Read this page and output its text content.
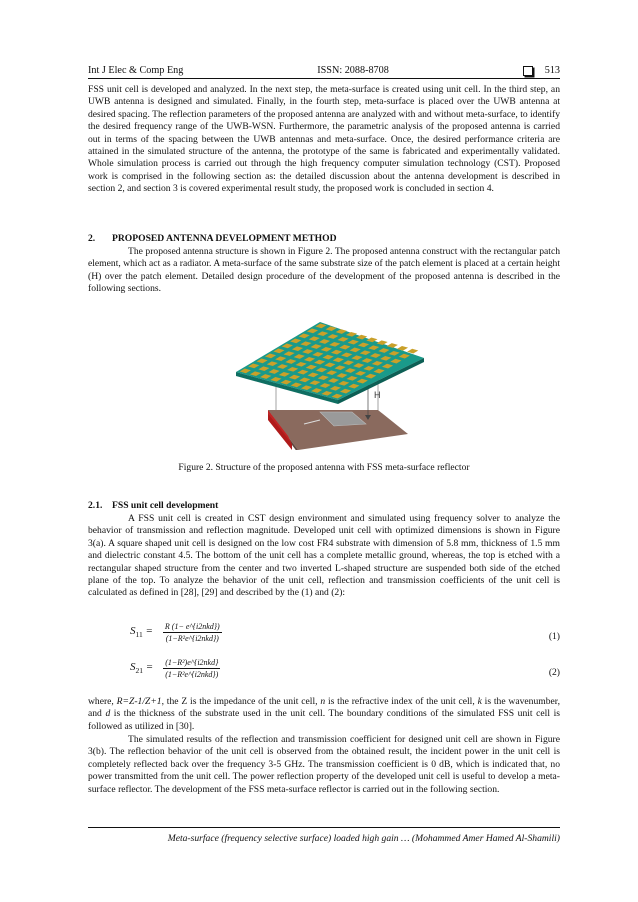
Int J Elec & Comp Eng	ISSN: 2088-8708	513
FSS unit cell is developed and analyzed. In the next step, the meta-surface is created using unit cell. In the third step, an UWB antenna is designed and simulated. Finally, in the fourth step, meta-surface is placed over the UWB antenna at desired spacing. The reflection parameters of the proposed antenna are analyzed with and without meta-surface, to identify the desired frequency range of the UWB-WSN. Furthermore, the parametric analysis of the proposed antenna is carried out in terms of the spacing between the UWB antennas and meta-surface. Once, the desired performance criteria are attained in the simulated structure of the antenna, the prototype of the same is fabricated and experimentally validated. Whole simulation process is carried out through the high frequency computer simulation technology (CST). Proposed work is comprised in the following section as: the detailed discussion about the antenna development is described in section 2, and section 3 is covered experimental result study, the proposed work is concluded in section 4.
2. PROPOSED ANTENNA DEVELOPMENT METHOD
The proposed antenna structure is shown in Figure 2. The proposed antenna construct with the rectangular patch element, which act as a radiator. A meta-surface of the same substrate size of the patch element is placed at a certain height (H) over the patch element. Detailed design procedure of the development of the proposed antenna is described in the following sections.
H
Figure 2. Structure of the proposed antenna with FSS meta-surface reflector
2.1. FSS unit cell development
A FSS unit cell is created in CST design environment and simulated using frequency solver to analyze the behavior of transmission and reflection magnitude. Developed unit cell with optimized dimensions is shown in Figure 3(a). A square shaped unit cell is designed on the low cost FR4 substrate with dimension of 5.8 mm, thickness of 1.5 mm and dielectric constant 4.5. The bottom of the unit cell has a complete metallic ground, whereas, the top is etched with a rectangular shaped structure from the center and two inverted L-shaped structure are suspended both side of the etched plane of the top. To analyze the behavior of the unit cell, reflection and transmission coefficients of the unit cell is calculated as defined in [28], [29] and described by the (1) and (2):
$S_{11} = \frac{\text{R (1− e\textasciicircum{}\{i2nkd\})}}{\text{(1−R²e\textasciicircum{}\{i2nkd\})}}$	(1)
$S_{21} = \frac{\text{(1−R²)e\textasciicircum{}\{i2nkd\}}}{\text{(1−R²e\textasciicircum{}\{i2nkd\})}}$	(2)
where, R=Z-1/Z+1, the Z is the impedance of the unit cell, n is the refractive index of the unit cell, k is the wavenumber, and d is the thickness of the substrate used in the unit cell. The boundary conditions of the simulated FSS unit cell is followed as utilized in [30].
The simulated results of the reflection and transmission coefficient for designed unit cell are shown in Figure 3(b). The reflection behavior of the unit cell is observed from the obtained result, the incident power in the unit cell is completely reflected back over the frequency 3-5 GHz. The transmission coefficient is 0 dB, which is indicated that, no power transmitted from the unit cell. The power reflection property of the developed unit cell is useful to develop a meta-surface reflector. The development of the FSS meta-surface reflector is carried out in the following section.
Meta-surface (frequency selective surface) loaded high gain … (Mohammed Amer Hamed Al-Shamili)
